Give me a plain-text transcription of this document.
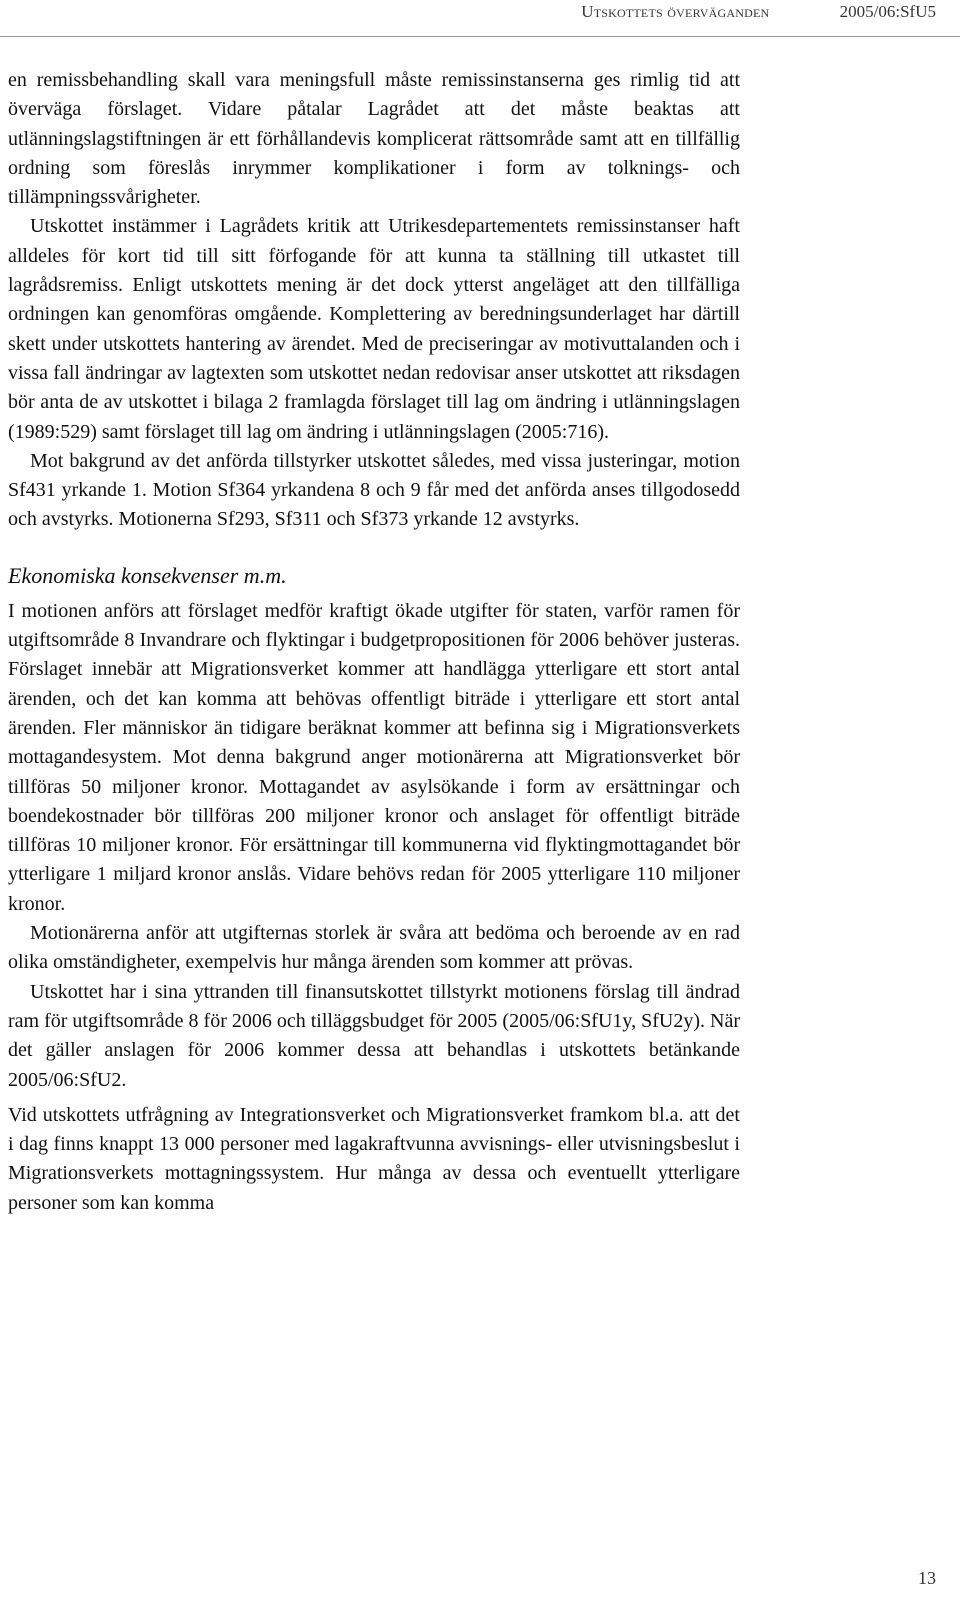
Utskottets överväganden	2005/06:SfU5

en remissbehandling skall vara meningsfull måste remissinstanserna ges rimlig tid att överväga förslaget. Vidare påtalar Lagrådet att det måste beaktas att utlänningslagstiftningen är ett förhållandevis komplicerat rättsområde samt att en tillfällig ordning som föreslås inrymmer komplikationer i form av tolknings- och tillämpningssvårigheter.

Utskottet instämmer i Lagrådets kritik att Utrikesdepartementets remissinstanser haft alldeles för kort tid till sitt förfogande för att kunna ta ställning till utkastet till lagrådsremiss. Enligt utskottets mening är det dock ytterst angeläget att den tillfälliga ordningen kan genomföras omgående. Komplettering av beredningsunderlaget har därtill skett under utskottets hantering av ärendet. Med de preciseringar av motivuttalanden och i vissa fall ändringar av lagtexten som utskottet nedan redovisar anser utskottet att riksdagen bör anta de av utskottet i bilaga 2 framlagda förslaget till lag om ändring i utlänningslagen (1989:529) samt förslaget till lag om ändring i utlänningslagen (2005:716).

Mot bakgrund av det anförda tillstyrker utskottet således, med vissa justeringar, motion Sf431 yrkande 1. Motion Sf364 yrkandena 8 och 9 får med det anförda anses tillgodosedd och avstyrks. Motionerna Sf293, Sf311 och Sf373 yrkande 12 avstyrks.

Ekonomiska konsekvenser m.m.

I motionen anförs att förslaget medför kraftigt ökade utgifter för staten, varför ramen för utgiftsområde 8 Invandrare och flyktingar i budgetpropositionen för 2006 behöver justeras. Förslaget innebär att Migrationsverket kommer att handlägga ytterligare ett stort antal ärenden, och det kan komma att behövas offentligt biträde i ytterligare ett stort antal ärenden. Fler människor än tidigare beräknat kommer att befinna sig i Migrationsverkets mottagandesystem. Mot denna bakgrund anger motionärerna att Migrationsverket bör tillföras 50 miljoner kronor. Mottagandet av asylsökande i form av ersättningar och boendekostnader bör tillföras 200 miljoner kronor och anslaget för offentligt biträde tillföras 10 miljoner kronor. För ersättningar till kommunerna vid flyktingmottagandet bör ytterligare 1 miljard kronor anslås. Vidare behövs redan för 2005 ytterligare 110 miljoner kronor.

Motionärerna anför att utgifternas storlek är svåra att bedöma och beroende av en rad olika omständigheter, exempelvis hur många ärenden som kommer att prövas.

Utskottet har i sina yttranden till finansutskottet tillstyrkt motionens förslag till ändrad ram för utgiftsområde 8 för 2006 och tilläggsbudget för 2005 (2005/06:SfU1y, SfU2y). När det gäller anslagen för 2006 kommer dessa att behandlas i utskottets betänkande 2005/06:SfU2.

Vid utskottets utfrågning av Integrationsverket och Migrationsverket framkom bl.a. att det i dag finns knappt 13 000 personer med lagakraftvunna avvisnings- eller utvisningsbeslut i Migrationsverkets mottagningssystem. Hur många av dessa och eventuellt ytterligare personer som kan komma

13
